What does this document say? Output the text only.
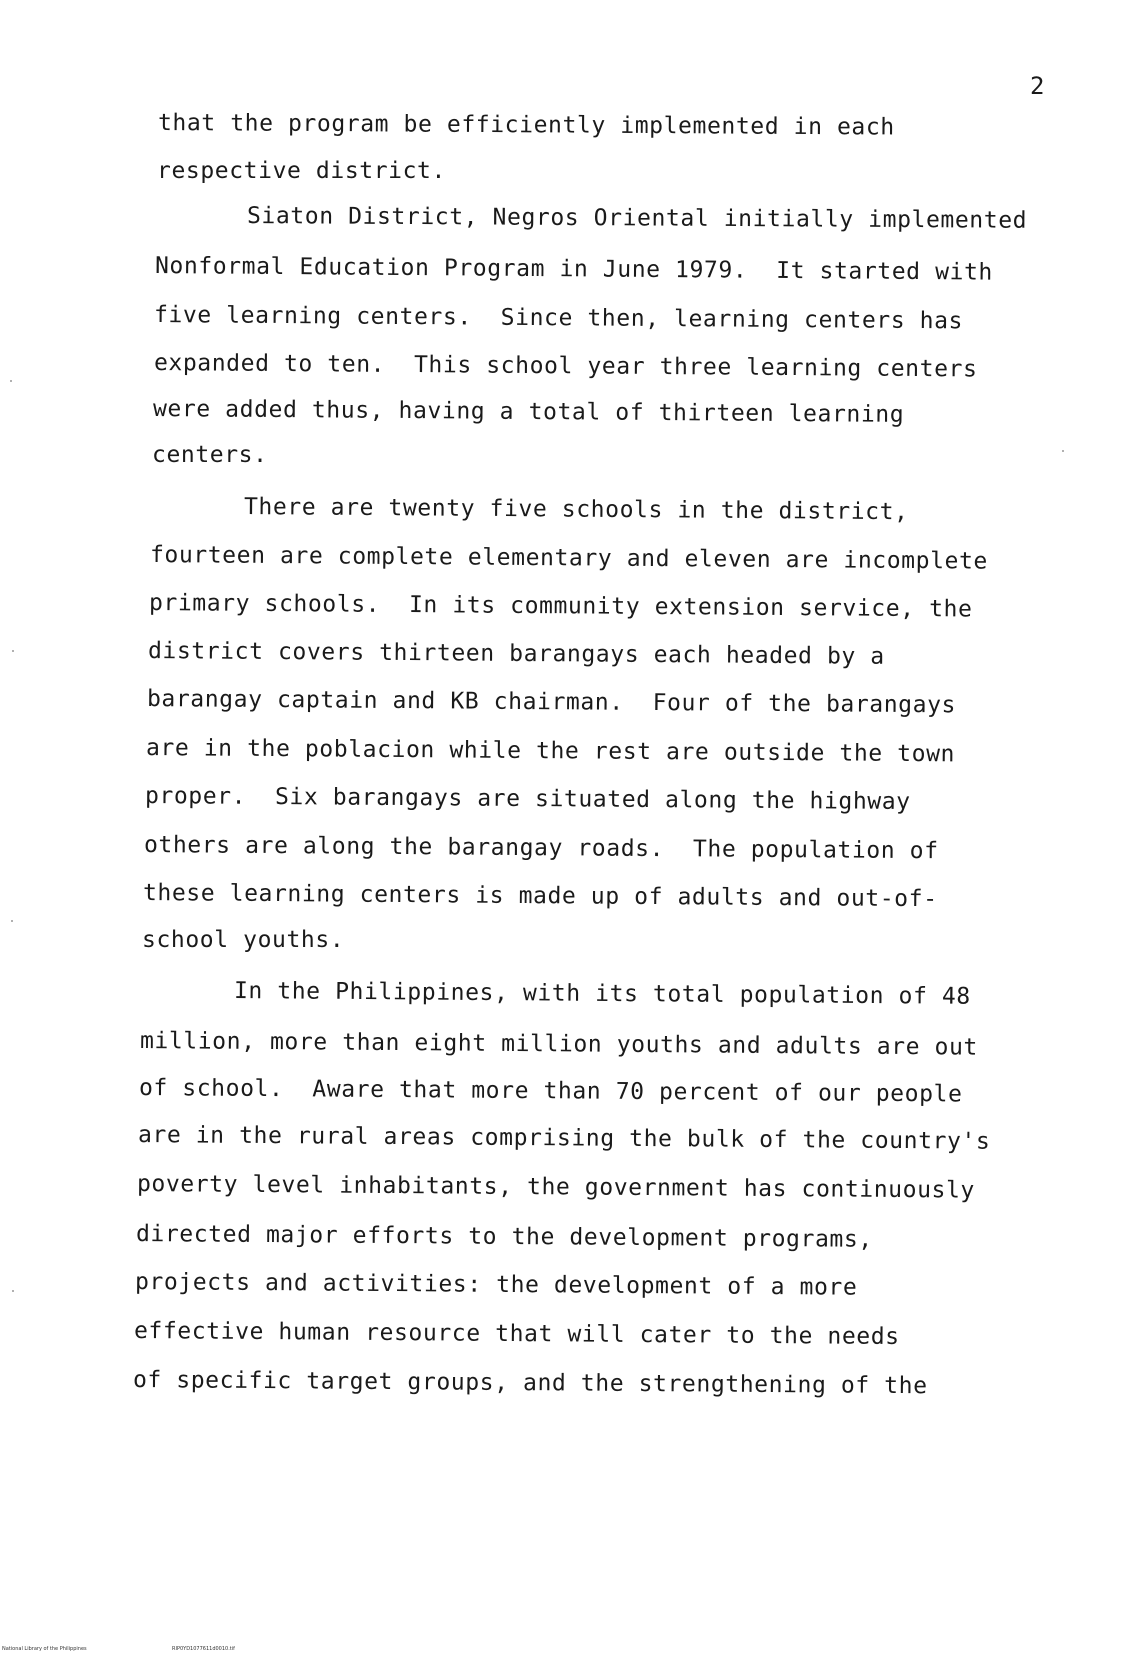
2
that the program be efficiently implemented in each
respective district.
Siaton District, Negros Oriental initially implemented
Nonformal Education Program in June 1979.  It started with
five learning centers.  Since then, learning centers has
expanded to ten.  This school year three learning centers
were added thus, having a total of thirteen learning
centers.
There are twenty five schools in the district,
fourteen are complete elementary and eleven are incomplete
primary schools.  In its community extension service, the
district covers thirteen barangays each headed by a
barangay captain and KB chairman.  Four of the barangays
are in the poblacion while the rest are outside the town
proper.  Six barangays are situated along the highway
others are along the barangay roads.  The population of
these learning centers is made up of adults and out-of-
school youths.
In the Philippines, with its total population of 48
million, more than eight million youths and adults are out
of school.  Aware that more than 70 percent of our people
are in the rural areas comprising the bulk of the country's
poverty level inhabitants, the government has continuously
directed major efforts to the development programs,
projects and activities: the development of a more
effective human resource that will cater to the needs
of specific target groups, and the strengthening of the
National Library of the Philippines	RIP0YD1077611d0010.tif
